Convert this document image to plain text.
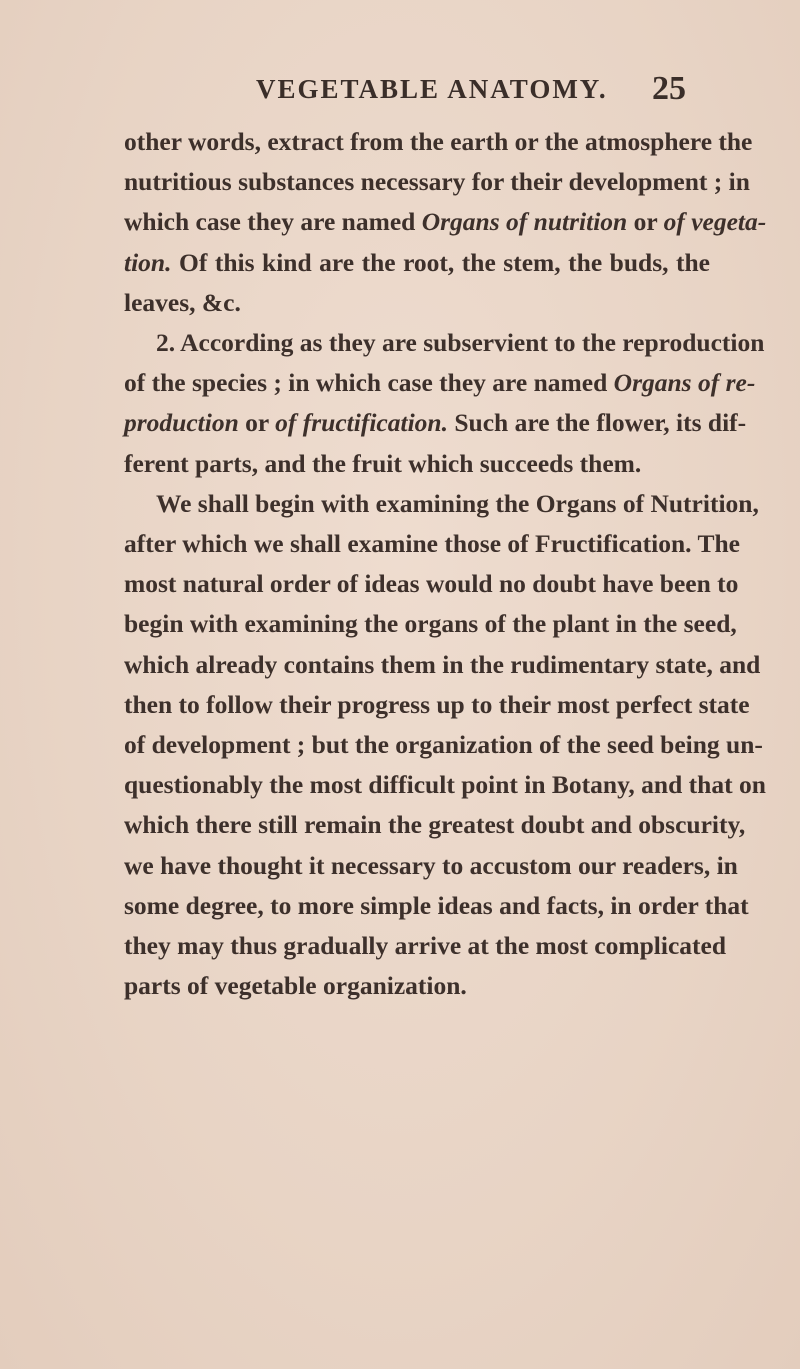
VEGETABLE ANATOMY. 25
other words, extract from the earth or the atmosphere the
nutritious substances necessary for their development ; in
which case they are named Organs of nutrition or of vegeta-
tion. Of this kind are the root, the stem, the buds, the
leaves, &c.
2. According as they are subservient to the reproduction
of the species ; in which case they are named Organs of re-
production or of fructification. Such are the flower, its dif-
ferent parts, and the fruit which succeeds them.
We shall begin with examining the Organs of Nutrition,
after which we shall examine those of Fructification. The
most natural order of ideas would no doubt have been to
begin with examining the organs of the plant in the seed,
which already contains them in the rudimentary state, and
then to follow their progress up to their most perfect state
of development ; but the organization of the seed being un-
questionably the most difficult point in Botany, and that on
which there still remain the greatest doubt and obscurity,
we have thought it necessary to accustom our readers, in
some degree, to more simple ideas and facts, in order that
they may thus gradually arrive at the most complicated
parts of vegetable organization.
